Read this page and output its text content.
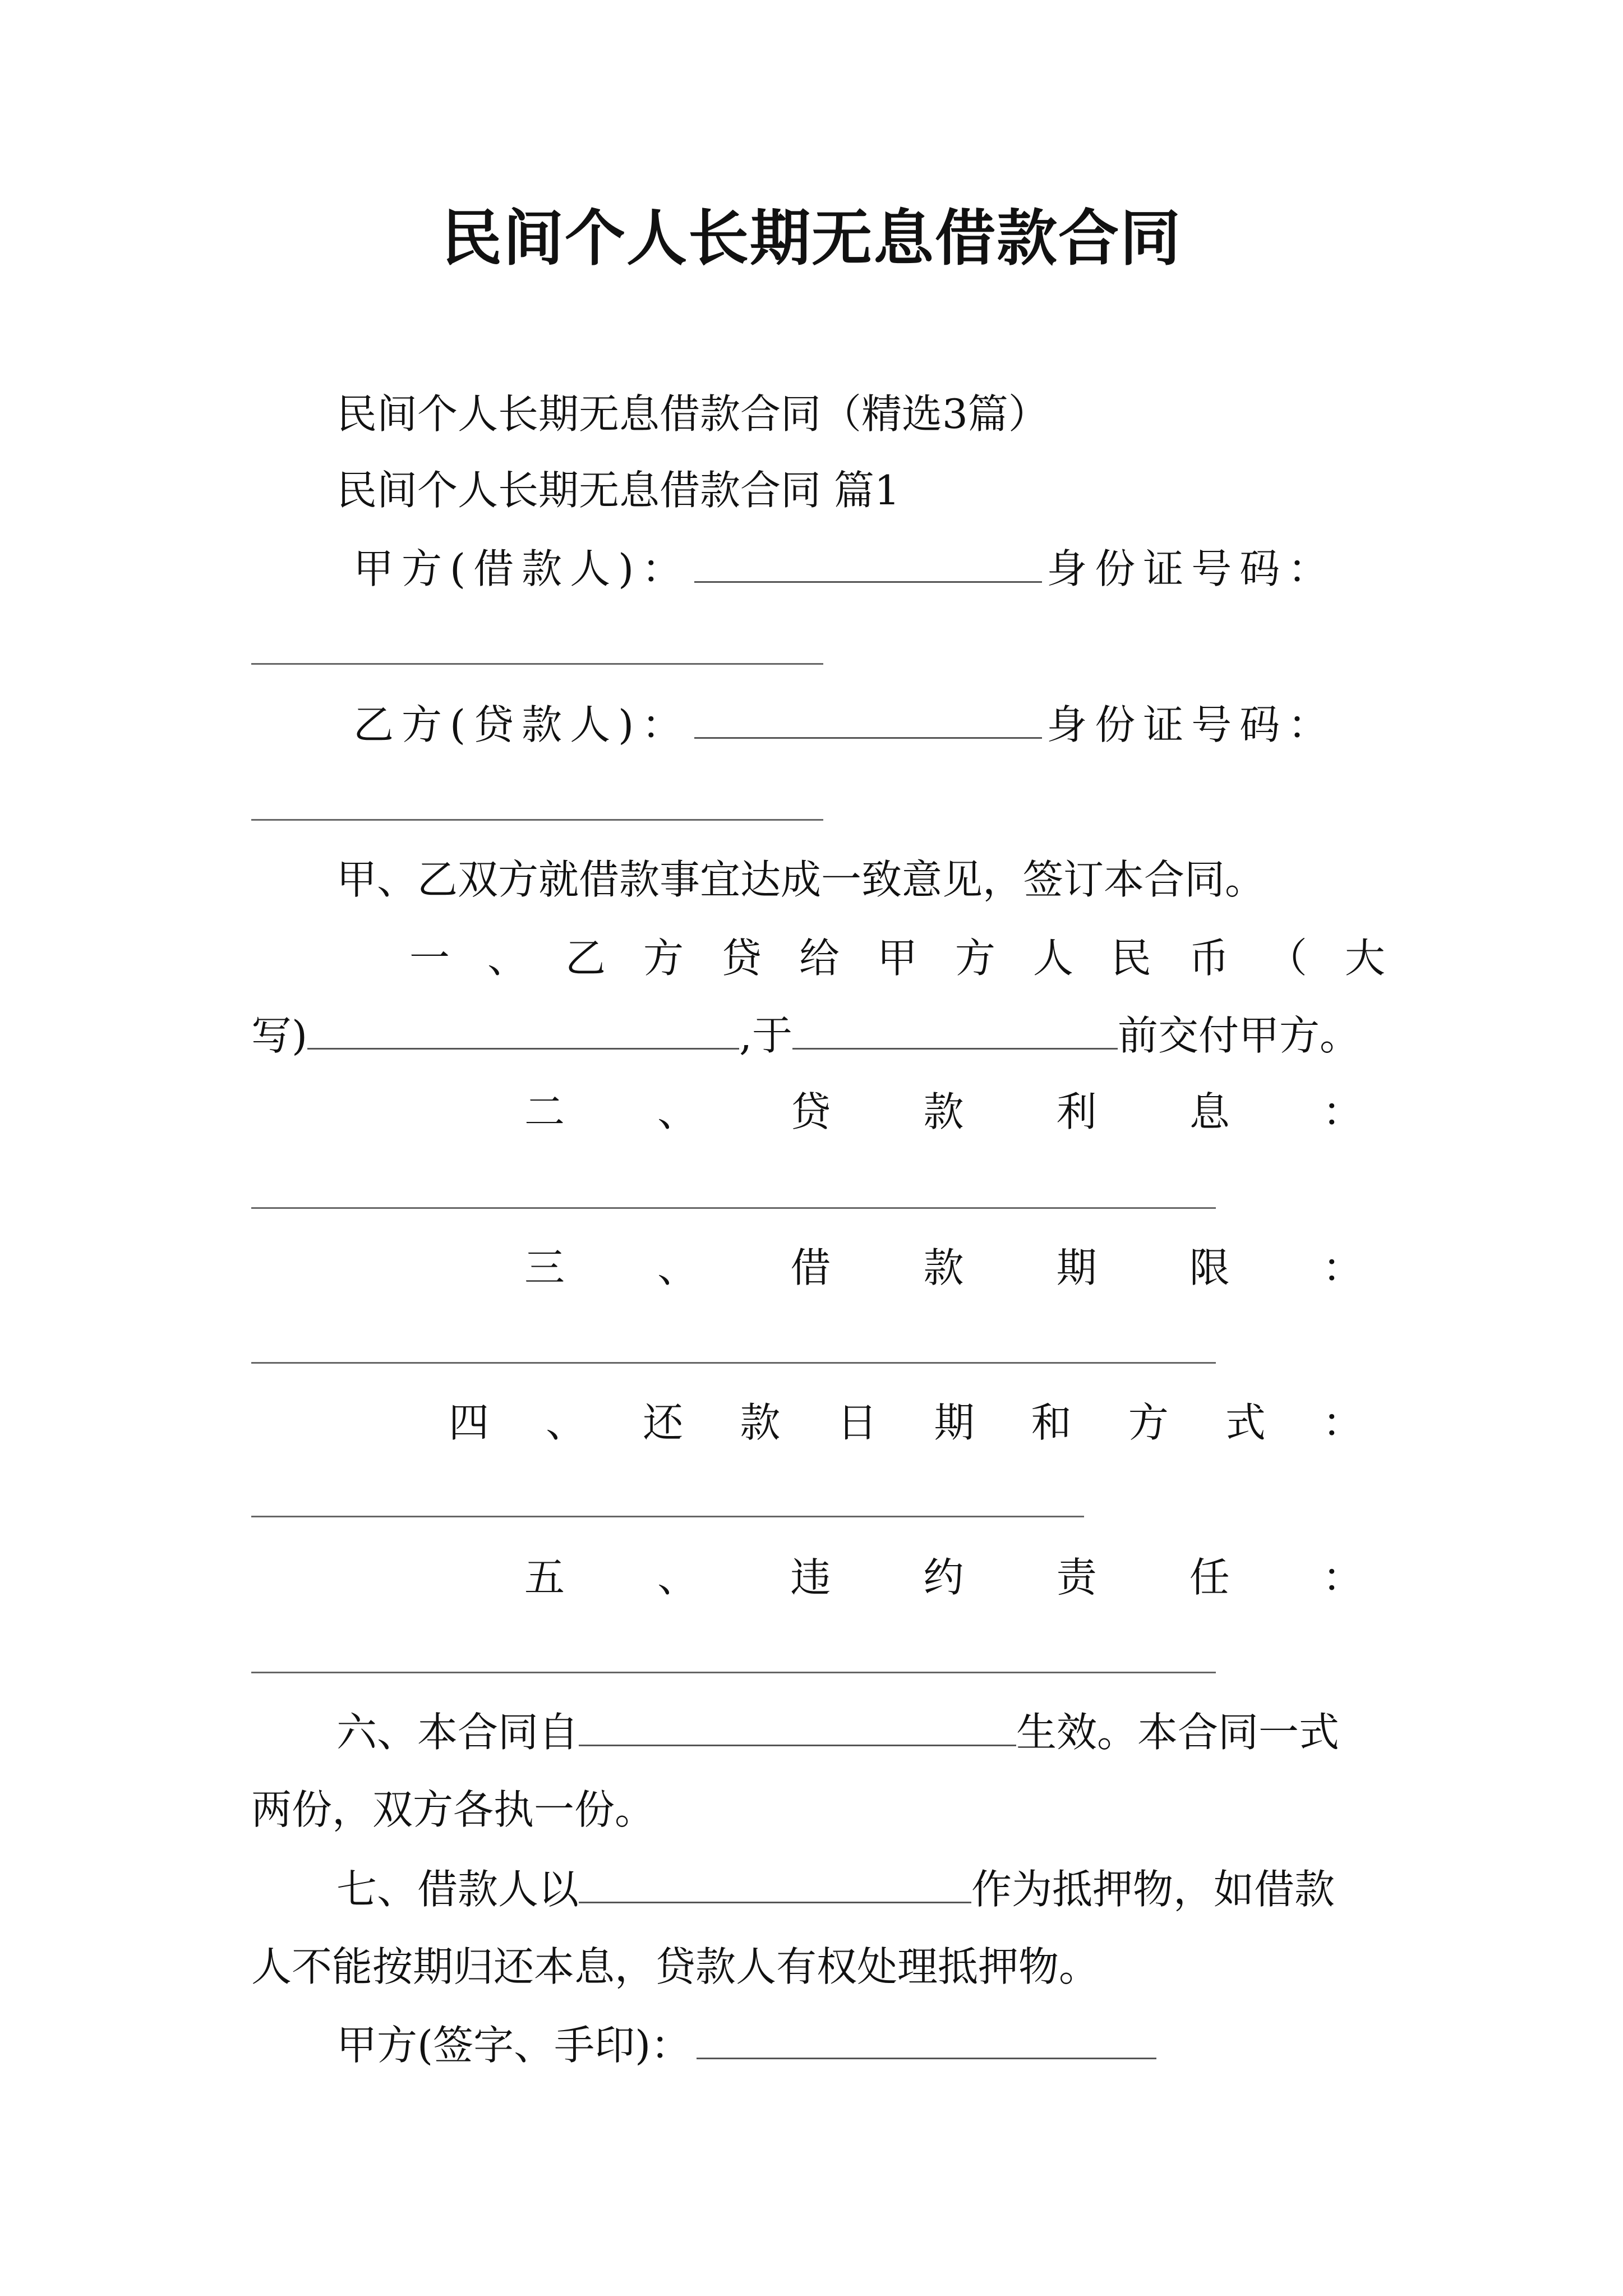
民间个人长期无息借款合同
民间个人长期无息借款合同（精选3篇）
民间个人长期无息借款合同 篇1
甲方(借款人)：	身份证号码：
乙方(贷款人)：	身份证号码：
甲、乙双方就借款事宜达成一致意见，签订本合同。
一 、 乙 方 贷 给 甲 方 人 民 币 （ 大
写)	,于	前交付甲方。
二 、 贷 款 利 息 ：
三 、 借 款 期 限 ：
四 、 还 款 日 期 和 方 式 ：
五 、 违 约 责 任 ：
六、本合同自	生效。本合同一式
两份，双方各执一份。
七、借款人以	作为抵押物，如借款
人不能按期归还本息，贷款人有权处理抵押物。
甲方(签字、手印)：
